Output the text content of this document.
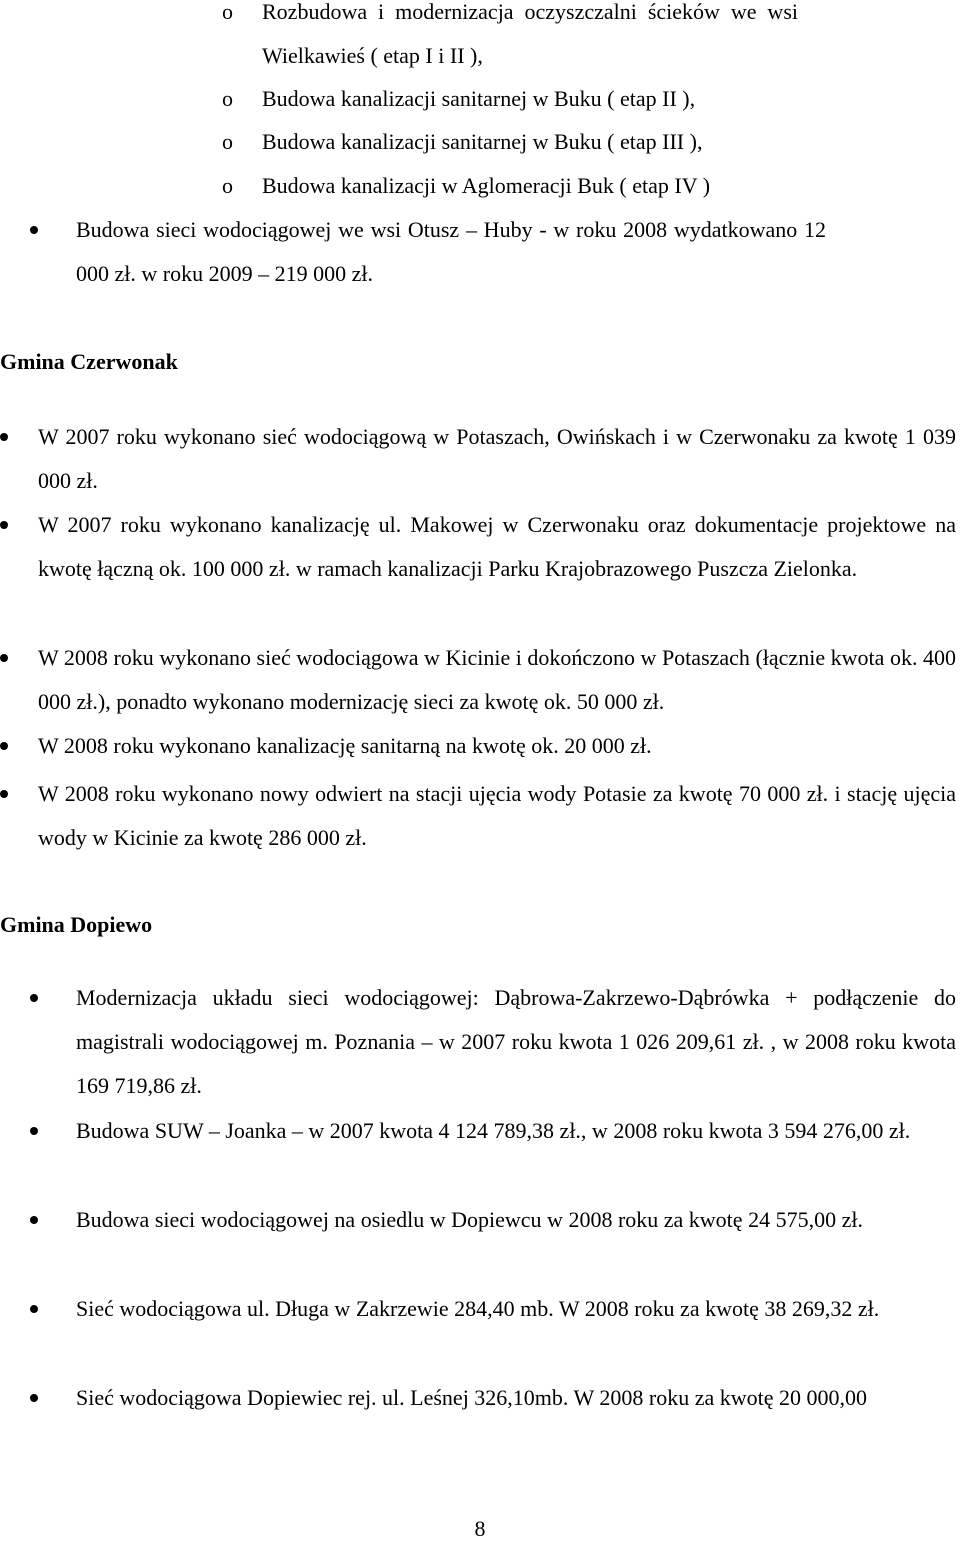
o Rozbudowa i modernizacja oczyszczalni ścieków we wsi Wielkawieś ( etap I i II ),
o Budowa kanalizacji sanitarnej w Buku ( etap II ),
o Budowa kanalizacji sanitarnej w Buku ( etap III ),
o Budowa kanalizacji w Aglomeracji Buk ( etap IV )
Budowa sieci wodociągowej we wsi Otusz – Huby - w roku 2008 wydatkowano 12 000 zł. w roku 2009 – 219 000 zł.
Gmina Czerwonak
W 2007 roku wykonano sieć wodociągową w Potaszach, Owińskach i w Czerwonaku za kwotę 1 039 000 zł.
W 2007 roku wykonano kanalizację ul. Makowej w Czerwonaku oraz dokumentacje projektowe na kwotę łączną ok. 100 000 zł. w ramach kanalizacji Parku Krajobrazowego Puszcza Zielonka.
W 2008 roku wykonano sieć wodociągowa w Kicinie i dokończono w Potaszach (łącznie kwota ok. 400 000 zł.), ponadto wykonano modernizację sieci za kwotę ok. 50 000 zł.
W 2008 roku wykonano kanalizację sanitarną na kwotę ok. 20 000 zł.
W 2008 roku wykonano nowy odwiert na stacji ujęcia wody Potasie za kwotę 70 000 zł. i stację ujęcia wody w Kicinie za kwotę 286 000 zł.
Gmina Dopiewo
Modernizacja układu sieci wodociągowej: Dąbrowa-Zakrzewo-Dąbrówka + podłączenie do magistrali wodociągowej m. Poznania – w 2007 roku kwota 1 026 209,61 zł. , w 2008 roku kwota 169 719,86 zł.
Budowa SUW – Joanka – w 2007 kwota 4 124 789,38 zł., w 2008 roku kwota 3 594 276,00 zł.
Budowa sieci wodociągowej na osiedlu w Dopiewcu w 2008 roku za kwotę 24 575,00 zł.
Sieć wodociągowa ul. Długa w Zakrzewie 284,40 mb. W 2008 roku za kwotę 38 269,32 zł.
Sieć wodociągowa Dopiewiec rej. ul. Leśnej 326,10mb. W 2008 roku za kwotę 20 000,00
8
